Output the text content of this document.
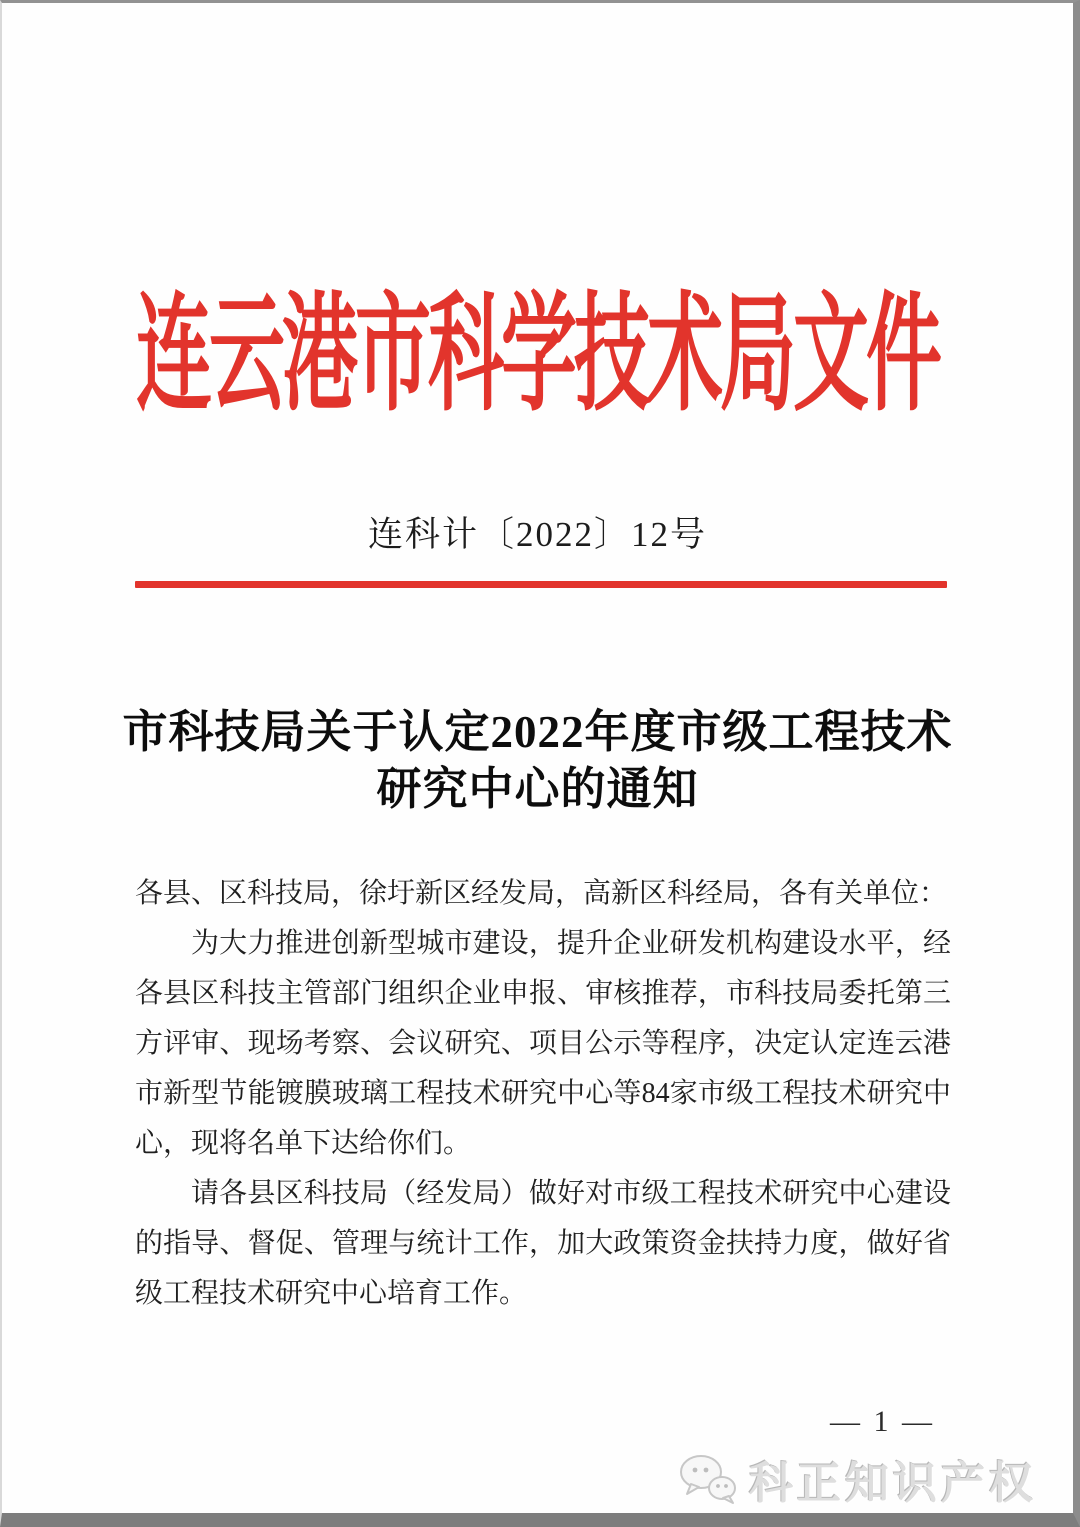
连云港市科学技术局文件
连科计〔2022〕12号
市科技局关于认定2022年度市级工程技术
研究中心的通知

各县、区科技局，徐圩新区经发局，高新区科经局，各有关单位：

为大力推进创新型城市建设，提升企业研发机构建设水平，经各县区科技主管部门组织企业申报、审核推荐，市科技局委托第三方评审、现场考察、会议研究、项目公示等程序，决定认定连云港市新型节能镀膜玻璃工程技术研究中心等84家市级工程技术研究中心，现将名单下达给你们。

请各县区科技局（经发局）做好对市级工程技术研究中心建设的指导、督促、管理与统计工作，加大政策资金扶持力度，做好省级工程技术研究中心培育工作。

— 1 —
科正知识产权
